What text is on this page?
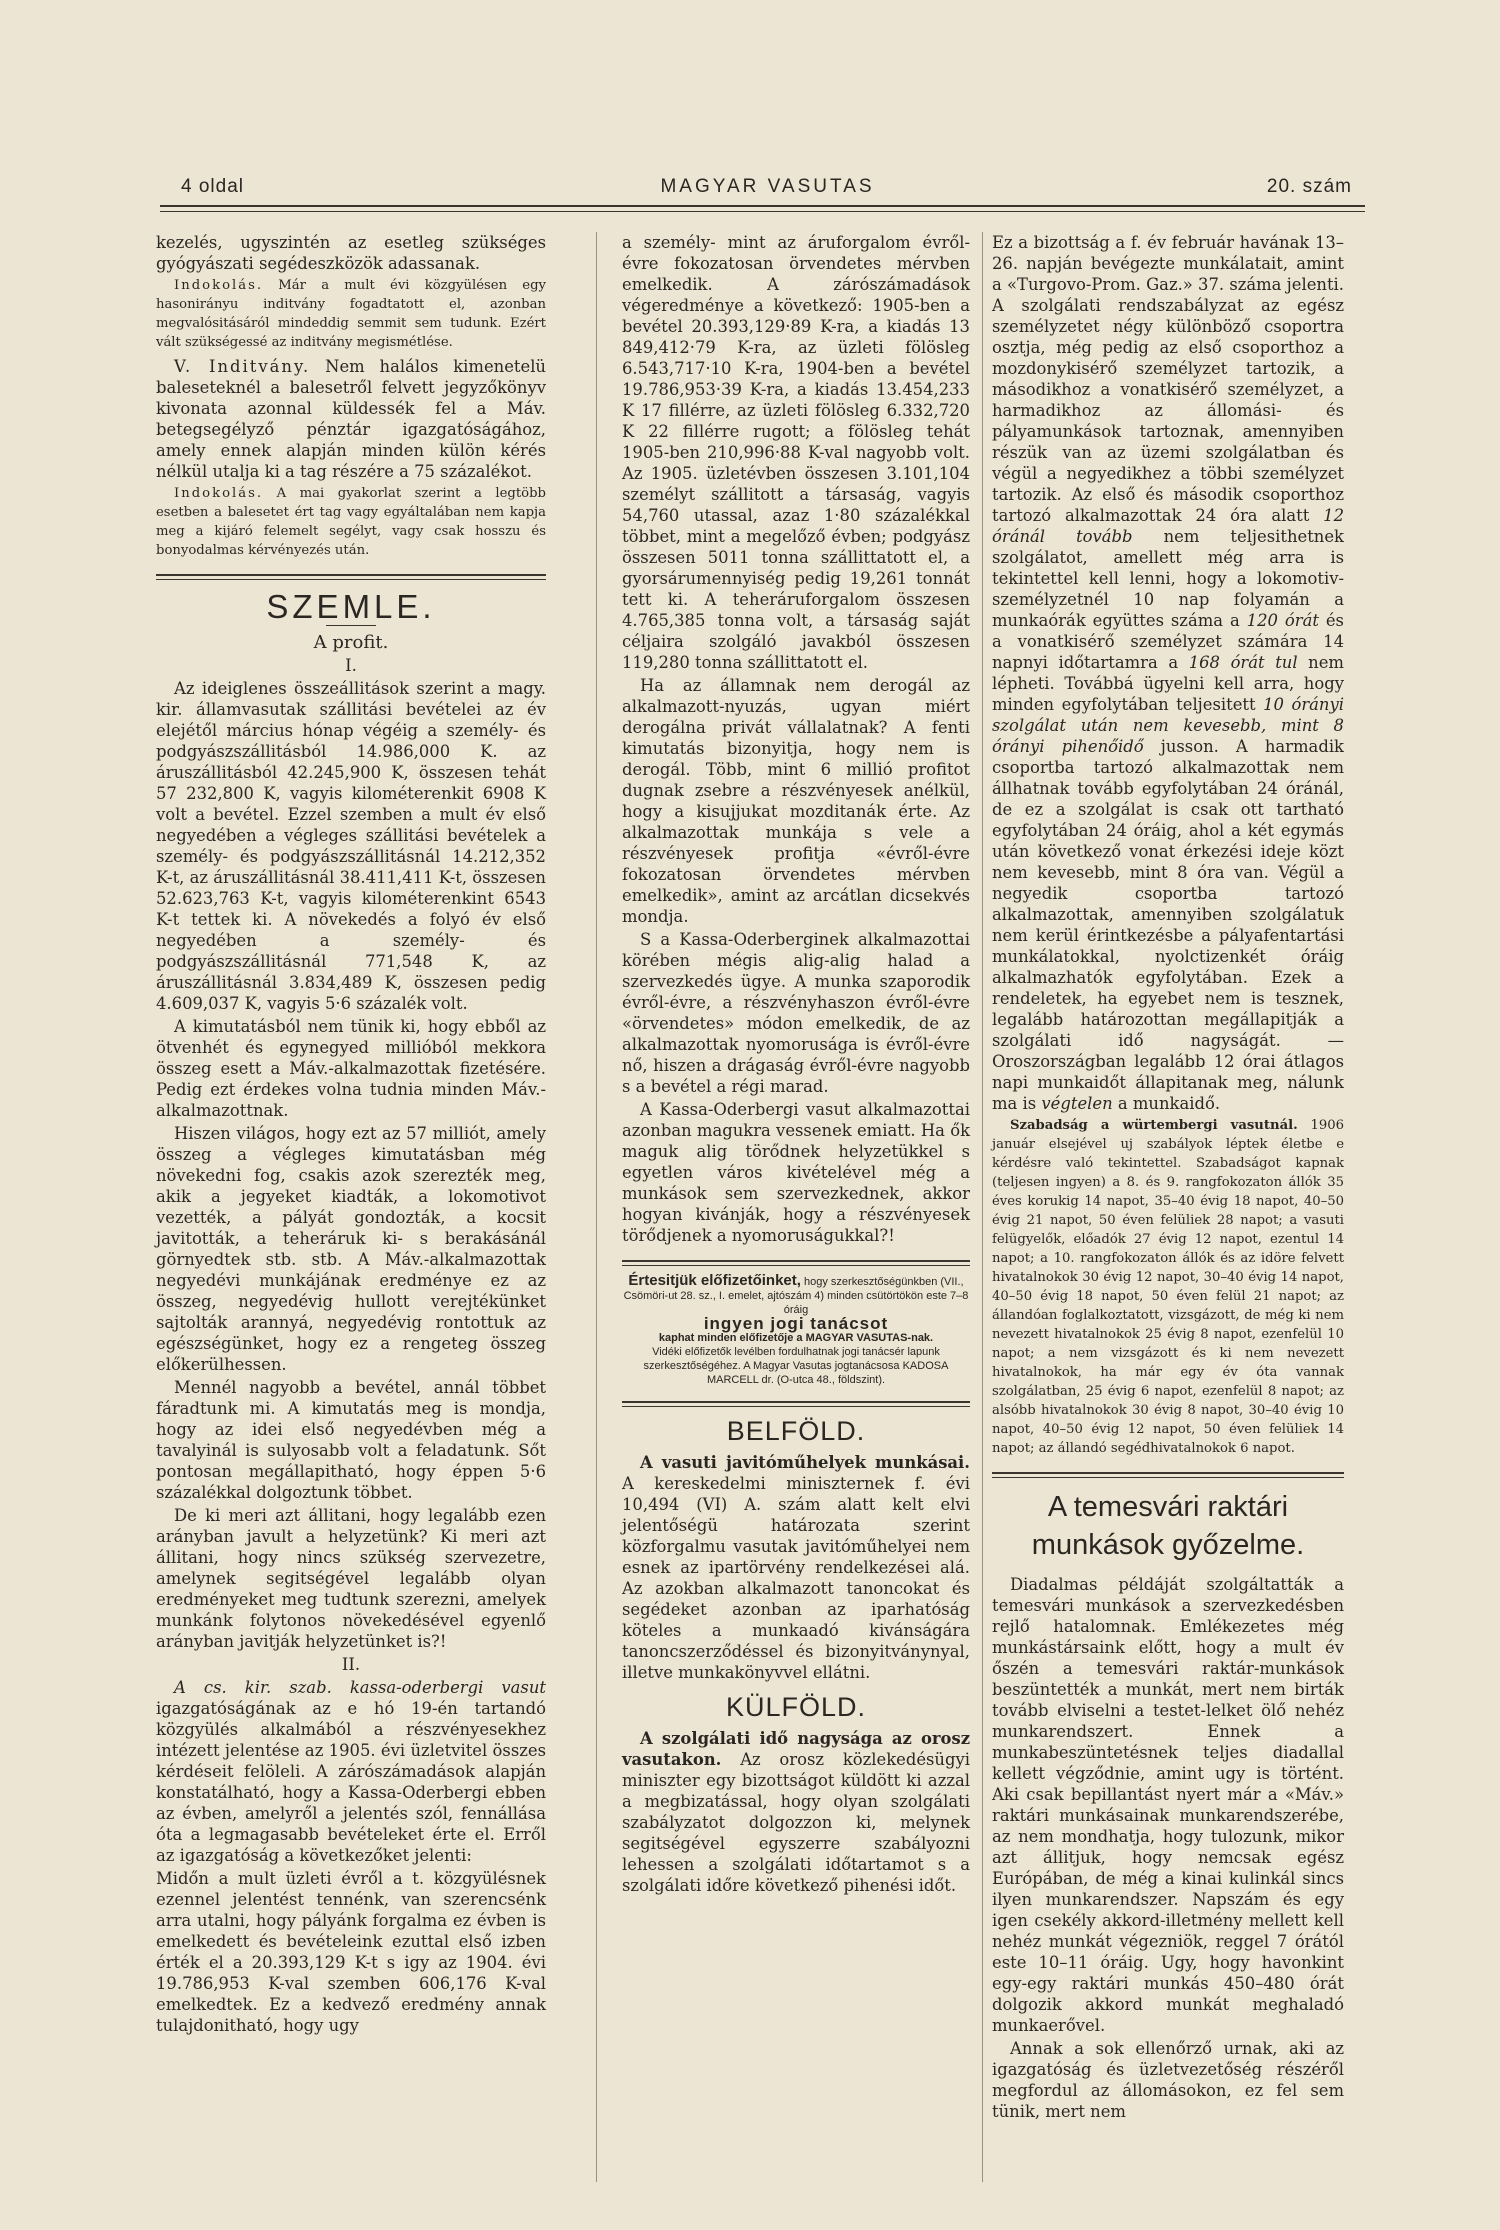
4 oldal	MAGYAR VASUTAS	20. szám

kezelés, ugyszintén az esetleg szükséges gyógyászati segédeszközök adassanak.

Indokolás. Már a mult évi közgyülésen egy hasonirányu inditvány fogadtatott el, azonban megvalósitásáról mindeddig semmit sem tudunk. Ezért vált szükségessé az inditvány megismétlése.

V. Inditvány. Nem halálos kimenetelü baleseteknél a balesetről felvett jegyzőkönyv kivonata azonnal küldessék fel a Máv. betegsegélyző pénztár igazgatóságához, amely ennek alapján minden külön kérés nélkül utalja ki a tag részére a 75 százalékot.

Indokolás. A mai gyakorlat szerint a legtöbb esetben a balesetet ért tag vagy egyáltalában nem kapja meg a kijáró felemelt segélyt, vagy csak hosszu és bonyodalmas kérvényezés után.

SZEMLE.

A profit.

I.

Az ideiglenes összeállitások szerint a magy. kir. államvasutak szállitási bevételei az év elejétől március hónap végéig a személy- és podgyászszállitásból 14.986,000 K. az áruszállitásból 42.245,900 K, összesen tehát 57 232,800 K, vagyis kilométerenkit 6908 K volt a bevétel. Ezzel szemben a mult év első negyedében a végleges szállitási bevételek a személy- és podgyászszállitásnál 14.212,352 K-t, az áruszállitásnál 38.411,411 K-t, összesen 52.623,763 K-t, vagyis kilométerenkint 6543 K-t tettek ki. A növekedés a folyó év első negyedében a személy- és podgyászszállitásnál 771,548 K, az áruszállitásnál 3.834,489 K, összesen pedig 4.609,037 K, vagyis 5·6 százalék volt.

A kimutatásból nem tünik ki, hogy ebből az ötvenhét és egynegyed millióból mekkora összeg esett a Máv.-alkalmazottak fizetésére. Pedig ezt érdekes volna tudnia minden Máv.-alkalmazottnak.

Hiszen világos, hogy ezt az 57 milliót, amely összeg a végleges kimutatásban még növekedni fog, csakis azok szerezték meg, akik a jegyeket kiadták, a lokomotivot vezették, a pályát gondozták, a kocsit javitották, a teheráruk ki- s berakásánál görnyedtek stb. stb. A Máv.-alkalmazottak negyedévi munkájának eredménye ez az összeg, negyedévig hullott verejtékünket sajtolták arannyá, negyedévig rontottuk az egészségünket, hogy ez a rengeteg összeg előkerülhessen.

Mennél nagyobb a bevétel, annál többet fáradtunk mi. A kimutatás meg is mondja, hogy az idei első negyedévben még a tavalyinál is sulyosabb volt a feladatunk. Sőt pontosan megállapitható, hogy éppen 5·6 százalékkal dolgoztunk többet.

De ki meri azt állitani, hogy legalább ezen arányban javult a helyzetünk? Ki meri azt állitani, hogy nincs szükség szervezetre, amelynek segitségével legalább olyan eredményeket meg tudtunk szerezni, amelyek munkánk folytonos növekedésével egyenlő arányban javitják helyzetünket is?!

II.

A cs. kir. szab. kassa-oderbergi vasut igazgatóságának az e hó 19-én tartandó közgyülés alkalmából a részvényesekhez intézett jelentése az 1905. évi üzletvitel összes kérdéseit felöleli. A zárószámadások alapján konstatálható, hogy a Kassa-Oderbergi ebben az évben, amelyről a jelentés szól, fennállása óta a legmagasabb bevételeket érte el. Erről az igazgatóság a következőket jelenti:

Midőn a mult üzleti évről a t. közgyülésnek ezennel jelentést tennénk, van szerencsénk arra utalni, hogy pályánk forgalma ez évben is emelkedett és bevételeink ezuttal első izben érték el a 20.393,129 K-t s igy az 1904. évi 19.786,953 K-val szemben 606,176 K-val emelkedtek. Ez a kedvező eredmény annak tulajdonitható, hogy ugy

a személy- mint az áruforgalom évről-évre fokozatosan örvendetes mérvben emelkedik. A zárószámadások végeredménye a következő: 1905-ben a bevétel 20.393,129·89 K-ra, a kiadás 13 849,412·79 K-ra, az üzleti fölösleg 6.543,717·10 K-ra, 1904-ben a bevétel 19.786,953·39 K-ra, a kiadás 13.454,233 K 17 fillérre, az üzleti fölösleg 6.332,720 K 22 fillérre rugott; a fölösleg tehát 1905-ben 210,996·88 K-val nagyobb volt. Az 1905. üzletévben összesen 3.101,104 személyt szállitott a társaság, vagyis 54,760 utassal, azaz 1·80 százalékkal többet, mint a megelőző évben; podgyász összesen 5011 tonna szállittatott el, a gyorsárumennyiség pedig 19,261 tonnát tett ki. A teheráruforgalom összesen 4.765,385 tonna volt, a társaság saját céljaira szolgáló javakból összesen 119,280 tonna szállittatott el.

Ha az államnak nem derogál az alkalmazott-nyuzás, ugyan miért derogálna privát vállalatnak? A fenti kimutatás bizonyitja, hogy nem is derogál. Több, mint 6 millió profitot dugnak zsebre a részvényesek anélkül, hogy a kisujjukat mozditanák érte. Az alkalmazottak munkája s vele a részvényesek profitja «évről-évre fokozatosan örvendetes mérvben emelkedik», amint az arcátlan dicsekvés mondja.

S a Kassa-Oderberginek alkalmazottai körében mégis alig-alig halad a szervezkedés ügye. A munka szaporodik évről-évre, a részvényhaszon évről-évre «örvendetes» módon emelkedik, de az alkalmazottak nyomorusága is évről-évre nő, hiszen a drágaság évről-évre nagyobb s a bevétel a régi marad.

A Kassa-Oderbergi vasut alkalmazottai azonban magukra vessenek emiatt. Ha ők maguk alig törődnek helyzetükkel s egyetlen város kivételével még a munkások sem szervezkednek, akkor hogyan kivánják, hogy a részvényesek törődjenek a nyomoruságukkal?!

Értesitjük előfizetőinket, hogy szerkesztőségünkben (VII., Csömöri-ut 28. sz., I. emelet, ajtószám 4) minden csütörtökön este 7–8 óráig
ingyen jogi tanácsot
kaphat minden előfizetője a MAGYAR VASUTAS-nak.
Vidéki előfizetők levélben fordulhatnak jogi tanácsér lapunk szerkesztőségéhez. A Magyar Vasutas jogtanácsosa KADOSA MARCELL dr. (O-utca 48., földszint).
BELFÖLD.

A vasuti javitóműhelyek munkásai. A kereskedelmi miniszternek f. évi 10,494 (VI) A. szám alatt kelt elvi jelentőségü határozata szerint közforgalmu vasutak javitóműhelyei nem esnek az ipartörvény rendelkezései alá. Az azokban alkalmazott tanoncokat és segédeket azonban az iparhatóság köteles a munkaadó kivánságára tanoncszerződéssel és bizonyitványnyal, illetve munkakönyvvel ellátni.

KÜLFÖLD.

A szolgálati idő nagysága az orosz vasutakon. Az orosz közlekedésügyi miniszter egy bizottságot küldött ki azzal a megbizatással, hogy olyan szolgálati szabályzatot dolgozzon ki, melynek segitségével egyszerre szabályozni lehessen a szolgálati időtartamot s a szolgálati időre következő pihenési időt.

Ez a bizottság a f. év február havának 13–26. napján bevégezte munkálatait, amint a «Turgovo-Prom. Gaz.» 37. száma jelenti. A szolgálati rendszabályzat az egész személyzetet négy különböző csoportra osztja, még pedig az első csoporthoz a mozdonykisérő személyzet tartozik, a másodikhoz a vonatkisérő személyzet, a harmadikhoz az állomási- és pályamunkások tartoznak, amennyiben részük van az üzemi szolgálatban és végül a negyedikhez a többi személyzet tartozik. Az első és második csoporthoz tartozó alkalmazottak 24 óra alatt 12 óránál tovább nem teljesithetnek szolgálatot, amellett még arra is tekintettel kell lenni, hogy a lokomotiv-személyzetnél 10 nap folyamán a munkaórák együttes száma a 120 órát és a vonatkisérő személyzet számára 14 napnyi időtartamra a 168 órát tul nem lépheti. Továbbá ügyelni kell arra, hogy minden egyfolytában teljesitett 10 órányi szolgálat után nem kevesebb, mint 8 órányi pihenőidő jusson. A harmadik csoportba tartozó alkalmazottak nem állhatnak tovább egyfolytában 24 óránál, de ez a szolgálat is csak ott tartható egyfolytában 24 óráig, ahol a két egymás után következő vonat érkezési ideje közt nem kevesebb, mint 8 óra van. Végül a negyedik csoportba tartozó alkalmazottak, amennyiben szolgálatuk nem kerül érintkezésbe a pályafentartási munkálatokkal, nyolctizenkét óráig alkalmazhatók egyfolytában. Ezek a rendeletek, ha egyebet nem is tesznek, legalább határozottan megállapitják a szolgálati idő nagyságát. — Oroszországban legalább 12 órai átlagos napi munkaidőt állapitanak meg, nálunk ma is végtelen a munkaidő.

Szabadság a würtembergi vasutnál. 1906 január elsejével uj szabályok léptek életbe e kérdésre való tekintettel. Szabadságot kapnak (teljesen ingyen) a 8. és 9. rangfokozaton állók 35 éves korukig 14 napot, 35–40 évig 18 napot, 40–50 évig 21 napot, 50 éven felüliek 28 napot; a vasuti felügyelők, előadók 27 évig 12 napot, ezentul 14 napot; a 10. rangfokozaton állók és az idöre felvett hivatalnokok 30 évig 12 napot, 30–40 évig 14 napot, 40–50 évig 18 napot, 50 éven felül 21 napot; az állandóan foglalkoztatott, vizsgázott, de még ki nem nevezett hivatalnokok 25 évig 8 napot, ezenfelül 10 napot; a nem vizsgázott és ki nem nevezett hivatalnokok, ha már egy év óta vannak szolgálatban, 25 évig 6 napot, ezenfelül 8 napot; az alsóbb hivatalnokok 30 évig 8 napot, 30–40 évig 10 napot, 40–50 évig 12 napot, 50 éven felüliek 14 napot; az állandó segédhivatalnokok 6 napot.

A temesvári raktári munkások győzelme.

Diadalmas példáját szolgáltatták a temesvári munkások a szervezkedésben rejlő hatalomnak. Emlékezetes még munkástársaink előtt, hogy a mult év őszén a temesvári raktár-munkások beszüntették a munkát, mert nem birták tovább elviselni a testet-lelket ölő nehéz munkarendszert. Ennek a munkabeszüntetésnek teljes diadallal kellett végződnie, amint ugy is történt. Aki csak bepillantást nyert már a «Máv.» raktári munkásainak munkarendszerébe, az nem mondhatja, hogy tulozunk, mikor azt állitjuk, hogy nemcsak egész Európában, de még a kinai kulinkál sincs ilyen munkarendszer. Napszám és egy igen csekély akkord-illetmény mellett kell nehéz munkát végezniök, reggel 7 órától este 10–11 óráig. Ugy, hogy havonkint egy-egy raktári munkás 450–480 órát dolgozik akkord munkát meghaladó munkaerővel.

Annak a sok ellenőrző urnak, aki az igazgatóság és üzletvezetőség részéről megfordul az állomásokon, ez fel sem tünik, mert nem
